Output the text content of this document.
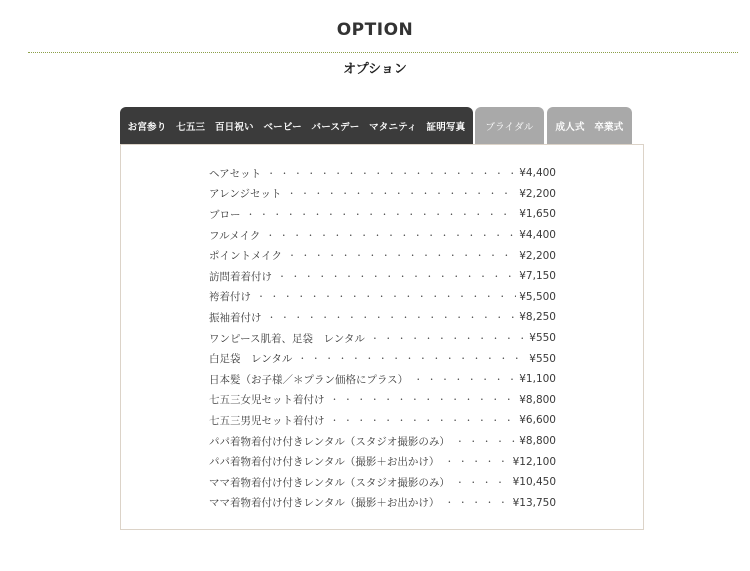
OPTION
オプション
お宮参り　七五三　百日祝い　ベービー　バースデー　マタニティ　証明写真	ブライダル	成人式　卒業式
ヘアセット ・・・・・・・・・・・・・・・・・・・・・・・・・・・・・・・・・・・・・・・・	¥4,400
アレンジセット ・・・・・・・・・・・・・・・・・・・・・・・・・・・・・・・・・・・・・・・・	¥2,200
ブロー ・・・・・・・・・・・・・・・・・・・・・・・・・・・・・・・・・・・・・・・・	¥1,650
フルメイク ・・・・・・・・・・・・・・・・・・・・・・・・・・・・・・・・・・・・・・・・	¥4,400
ポイントメイク ・・・・・・・・・・・・・・・・・・・・・・・・・・・・・・・・・・・・・・・・	¥2,200
訪問着着付け ・・・・・・・・・・・・・・・・・・・・・・・・・・・・・・・・・・・・・・・・	¥7,150
袴着付け ・・・・・・・・・・・・・・・・・・・・・・・・・・・・・・・・・・・・・・・・	¥5,500
振袖着付け ・・・・・・・・・・・・・・・・・・・・・・・・・・・・・・・・・・・・・・・・	¥8,250
ワンピース肌着、足袋　レンタル ・・・・・・・・・・・・・・・・・・・・・・・・・・・・・・・・・・・・・・・・	¥550
白足袋　レンタル ・・・・・・・・・・・・・・・・・・・・・・・・・・・・・・・・・・・・・・・・	¥550
日本髪（お子様／＊プラン価格にプラス） ・・・・・・・・・・・・・・・・・・・・・・・・・・・・・・・・・・・・・・・・	¥1,100
七五三女児セット着付け ・・・・・・・・・・・・・・・・・・・・・・・・・・・・・・・・・・・・・・・・	¥8,800
七五三男児セット着付け ・・・・・・・・・・・・・・・・・・・・・・・・・・・・・・・・・・・・・・・・	¥6,600
パパ着物着付け付きレンタル（スタジオ撮影のみ） ・・・・・・・・・・・・・・・・・・・・・・・・・・・・・・・・・・・・・・・・	¥8,800
パパ着物着付け付きレンタル（撮影＋お出かけ） ・・・・・・・・・・・・・・・・・・・・・・・・・・・・・・・・・・・・・・・・	¥12,100
ママ着物着付け付きレンタル（スタジオ撮影のみ） ・・・・・・・・・・・・・・・・・・・・・・・・・・・・・・・・・・・・・・・・	¥10,450
ママ着物着付け付きレンタル（撮影＋お出かけ） ・・・・・・・・・・・・・・・・・・・・・・・・・・・・・・・・・・・・・・・・	¥13,750
